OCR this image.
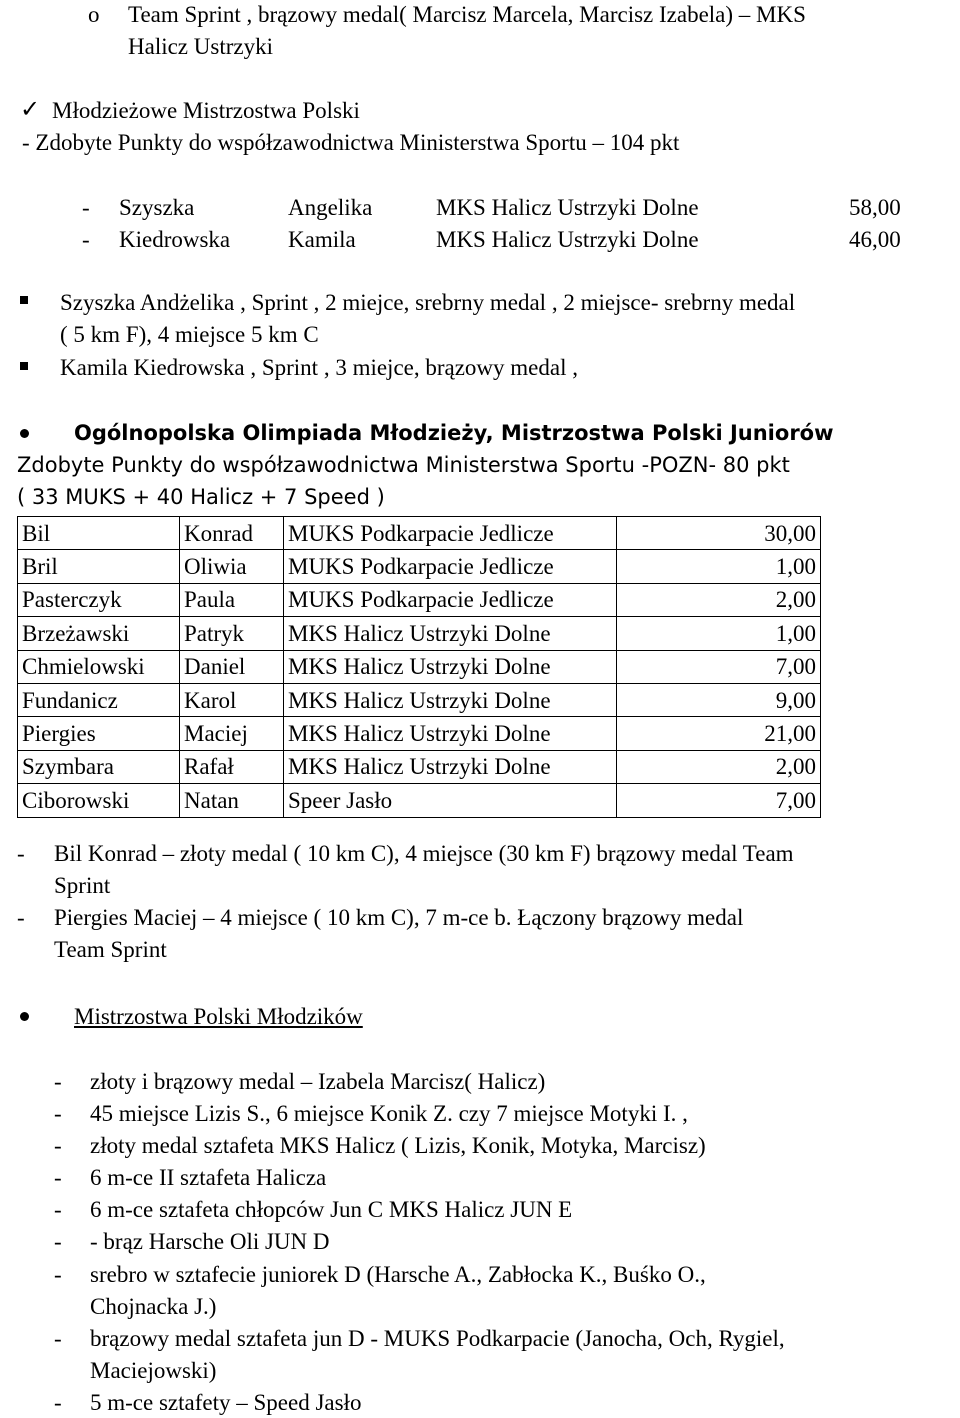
o Team Sprint , brązowy medal( Marcisz Marcela, Marcisz Izabela) – MKS
Halicz Ustrzyki
✓ Młodzieżowe Mistrzostwa Polski
- Zdobyte Punkty do współzawodnictwa Ministerstwa Sportu – 104 pkt
- Szyszka	Angelika	MKS Halicz Ustrzyki Dolne	58,00
- Kiedrowska	Kamila	MKS Halicz Ustrzyki Dolne	46,00
Szyszka Andżelika , Sprint , 2 miejce, srebrny medal , 2 miejsce- srebrny medal
( 5 km F), 4 miejsce 5 km C
Kamila Kiedrowska , Sprint , 3 miejce, brązowy medal ,
Ogólnopolska Olimpiada Młodzieży, Mistrzostwa Polski Juniorów
Zdobyte Punkty do współzawodnictwa Ministerstwa Sportu -POZN- 80 pkt
( 33 MUKS + 40 Halicz + 7 Speed )
Bil	Konrad	MUKS Podkarpacie Jedlicze	30,00
Bril	Oliwia	MUKS Podkarpacie Jedlicze	1,00
Pasterczyk	Paula	MUKS Podkarpacie Jedlicze	2,00
Brzeżawski	Patryk	MKS Halicz Ustrzyki Dolne	1,00
Chmielowski	Daniel	MKS Halicz Ustrzyki Dolne	7,00
Fundanicz	Karol	MKS Halicz Ustrzyki Dolne	9,00
Piergies	Maciej	MKS Halicz Ustrzyki Dolne	21,00
Szymbara	Rafał	MKS Halicz Ustrzyki Dolne	2,00
Ciborowski	Natan	Speer Jasło	7,00
- Bil Konrad – złoty medal ( 10 km C), 4 miejsce (30 km F) brązowy medal Team
Sprint
- Piergies Maciej – 4 miejsce ( 10 km C), 7 m-ce b. Łączony brązowy medal
Team Sprint
Mistrzostwa Polski Młodzików
- złoty i brązowy medal – Izabela Marcisz( Halicz)
- 45 miejsce Lizis S., 6 miejsce Konik Z. czy 7 miejsce Motyki I. ,
- złoty medal sztafeta MKS Halicz ( Lizis, Konik, Motyka, Marcisz)
- 6 m-ce II sztafeta Halicza
- 6 m-ce sztafeta chłopców Jun C MKS Halicz JUN E
- - brąz Harsche Oli JUN D
- srebro w sztafecie juniorek D (Harsche A., Zabłocka K., Buśko O.,
Chojnacka J.)
- brązowy medal sztafeta jun D - MUKS Podkarpacie (Janocha, Och, Rygiel,
Maciejowski)
- 5 m-ce sztafety – Speed Jasło
